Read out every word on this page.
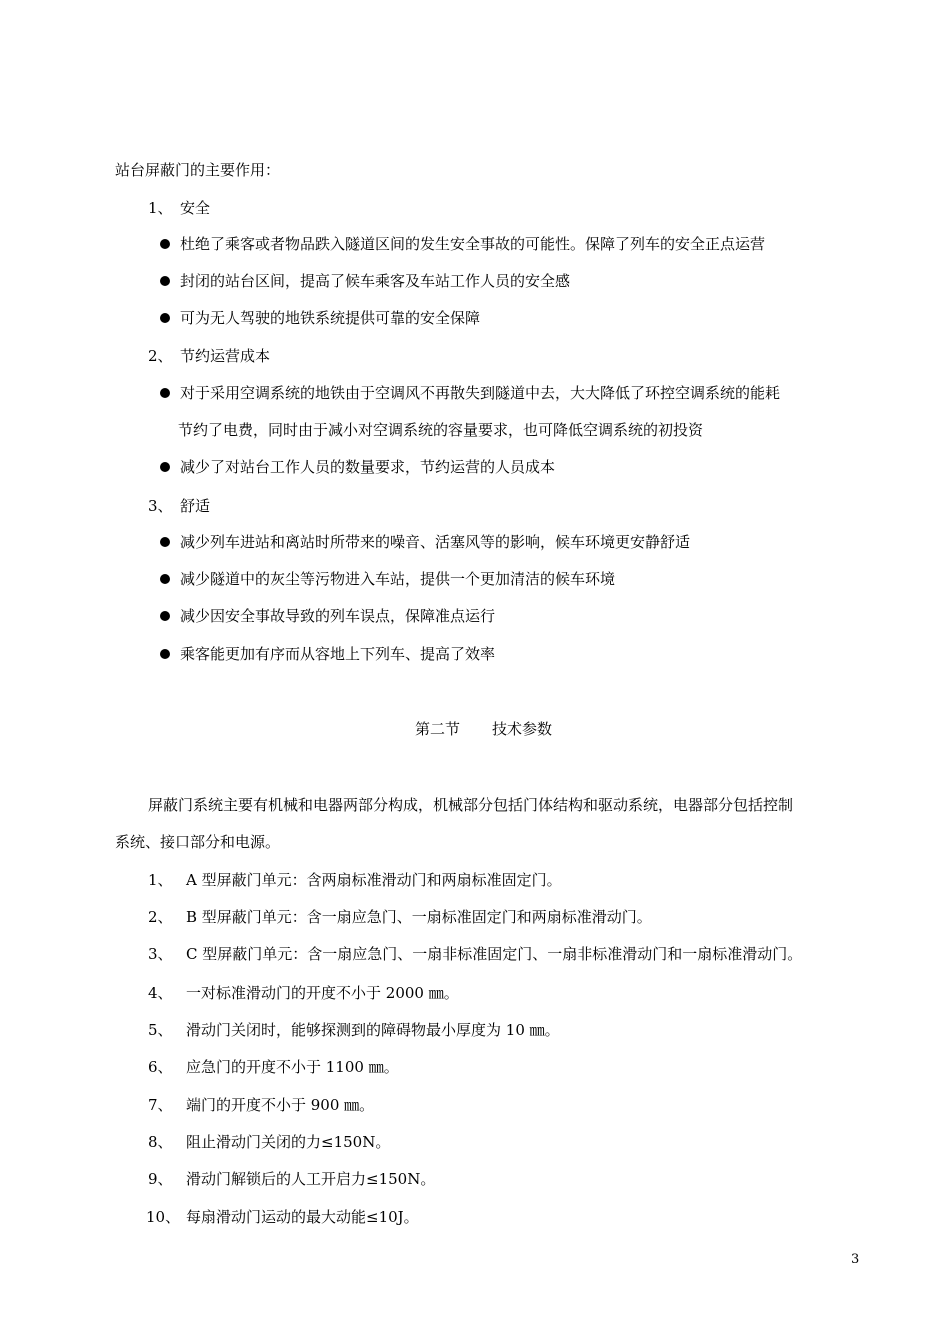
站台屏蔽门的主要作用：
1、 安全
杜绝了乘客或者物品跌入隧道区间的发生安全事故的可能性。保障了列车的安全正点运营
封闭的站台区间，提高了候车乘客及车站工作人员的安全感
可为无人驾驶的地铁系统提供可靠的安全保障
2、 节约运营成本
对于采用空调系统的地铁由于空调风不再散失到隧道中去，大大降低了环控空调系统的能耗
节约了电费，同时由于减小对空调系统的容量要求，也可降低空调系统的初投资
减少了对站台工作人员的数量要求，节约运营的人员成本
3、 舒适
减少列车进站和离站时所带来的噪音、活塞风等的影响，候车环境更安静舒适
减少隧道中的灰尘等污物进入车站，提供一个更加清洁的候车环境
减少因安全事故导致的列车误点，保障准点运行
乘客能更加有序而从容地上下列车、提高了效率
第二节 技术参数
屏蔽门系统主要有机械和电器两部分构成，机械部分包括门体结构和驱动系统，电器部分包括控制
系统、接口部分和电源。
1、 A 型屏蔽门单元：含两扇标准滑动门和两扇标准固定门。
2、 B 型屏蔽门单元：含一扇应急门、一扇标准固定门和两扇标准滑动门。
3、 C 型屏蔽门单元：含一扇应急门、一扇非标准固定门、一扇非标准滑动门和一扇标准滑动门。
4、 一对标准滑动门的开度不小于 2000 ㎜。
5、 滑动门关闭时，能够探测到的障碍物最小厚度为 10 ㎜。
6、 应急门的开度不小于 1100 ㎜。
7、 端门的开度不小于 900 ㎜。
8、 阻止滑动门关闭的力≤150N。
9、 滑动门解锁后的人工开启力≤150N。
10、 每扇滑动门运动的最大动能≤10J。
3
